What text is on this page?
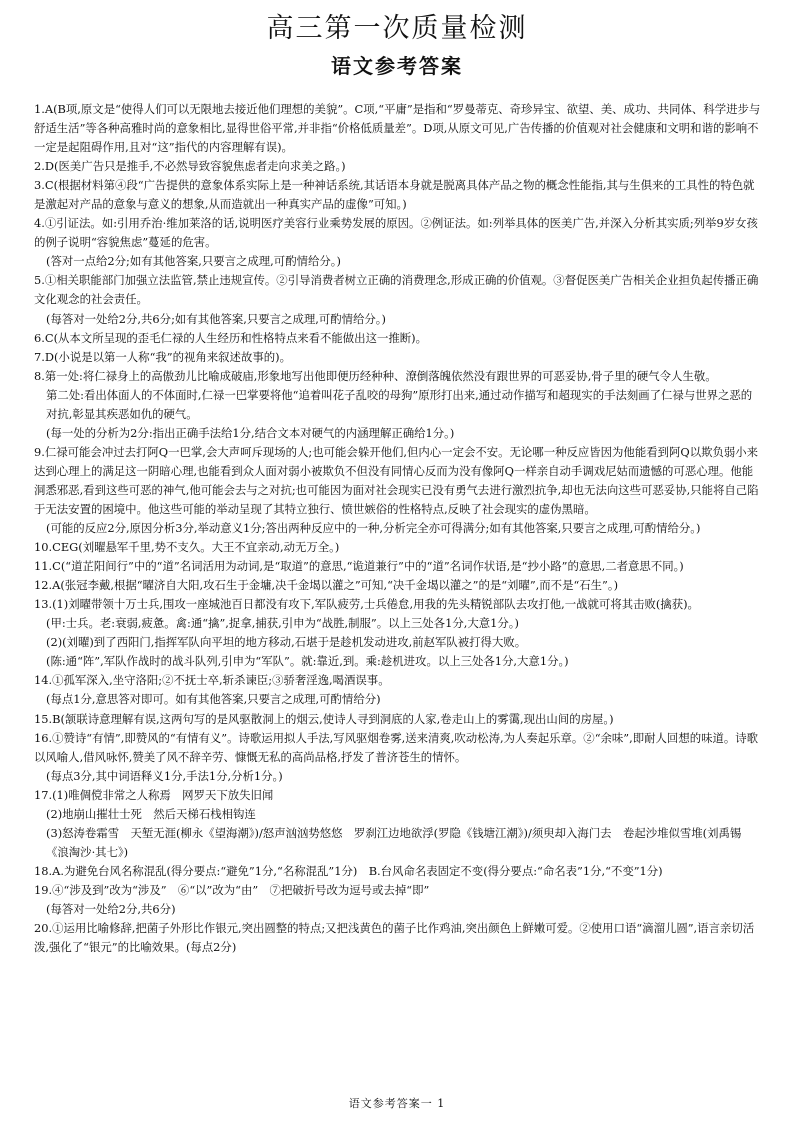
高三第一次质量检测
语文参考答案

1.A(B项,原文是“使得人们可以无限地去接近他们理想的美貌”。C项,“平庸”是指和“罗曼蒂克、奇珍异宝、欲望、美、成功、共同体、科学进步与舒适生活”等各种高雅时尚的意象相比,显得世俗平常,并非指“价格低质量差”。D项,从原文可见,广告传播的价值观对社会健康和文明和谐的影响不一定是起阻碍作用,且对“这”指代的内容理解有误)。

2.D(医美广告只是推手,不必然导致容貌焦虑者走向求美之路。)

3.C(根据材料第④段“广告提供的意象体系实际上是一种神话系统,其话语本身就是脱离具体产品之物的概念性能指,其与生俱来的工具性的特色就是激起对产品的意象与意义的想象,从而造就出一种真实产品的虚像”可知。)

4.①引证法。如:引用乔治·维加莱洛的话,说明医疗美容行业乘势发展的原因。②例证法。如:列举具体的医美广告,并深入分析其实质;列举9岁女孩的例子说明“容貌焦虑”蔓延的危害。

(答对一点给2分;如有其他答案,只要言之成理,可酌情给分。)

5.①相关职能部门加强立法监管,禁止违规宣传。②引导消费者树立正确的消费理念,形成正确的价值观。③督促医美广告相关企业担负起传播正确文化观念的社会责任。

(每答对一处给2分,共6分;如有其他答案,只要言之成理,可酌情给分。)

6.C(从本文所呈现的歪毛仁禄的人生经历和性格特点来看不能做出这一推断)。

7.D(小说是以第一人称“我”的视角来叙述故事的)。

8.第一处:将仁禄身上的高傲劲儿比喻成破庙,形象地写出他即便历经种种、潦倒落魄依然没有跟世界的可恶妥协,骨子里的硬气令人生敬。

第二处:看出体面人的不体面时,仁禄一巴掌要将他“追着叫花子乱咬的母狗”原形打出来,通过动作描写和超现实的手法刻画了仁禄与世界之恶的对抗,彰显其疾恶如仇的硬气。

(每一处的分析为2分:指出正确手法给1分,结合文本对硬气的内涵理解正确给1分。)

9.仁禄可能会冲过去打阿Q一巴掌,会大声呵斥现场的人;也可能会躲开他们,但内心一定会不安。无论哪一种反应皆因为他能看到阿Q以欺负弱小来达到心理上的满足这一阴暗心理,也能看到众人面对弱小被欺负不但没有同情心反而为没有像阿Q一样亲自动手调戏尼姑而遗憾的可恶心理。他能洞悉邪恶,看到这些可恶的神气,他可能会去与之对抗;也可能因为面对社会现实已没有勇气去进行激烈抗争,却也无法向这些可恶妥协,只能将自己陷于无法安置的困境中。他这些可能的举动呈现了其特立独行、愤世嫉俗的性格特点,反映了社会现实的虚伪黑暗。

(可能的反应2分,原因分析3分,举动意义1分;答出两种反应中的一种,分析完全亦可得满分;如有其他答案,只要言之成理,可酌情给分。)

10.CEG(刘曜悬军千里,势不支久。大王不宜亲动,动无万全。)

11.C(“道芷阳间行”中的“道”名词活用为动词,是“取道”的意思,“诡道兼行”中的“道”名词作状语,是“抄小路”的意思,二者意思不同。)

12.A(张冠李戴,根据“曜济自大阳,攻石生于金墉,决千金堨以灌之”可知,“决千金堨以灌之”的是“刘曜”,而不是“石生”。)

13.(1)刘曜带领十万士兵,围攻一座城池百日都没有攻下,军队疲劳,士兵倦怠,用我的先头精锐部队去攻打他,一战就可将其击败(擒获)。

(甲:士兵。老:衰弱,疲惫。禽:通“擒”,捉拿,捕获,引申为“战胜,制服”。以上三处各1分,大意1分。)

(2)(刘曜)到了西阳门,指挥军队向平坦的地方移动,石堪于是趁机发动进攻,前赵军队被打得大败。

(陈:通“阵”,军队作战时的战斗队列,引申为“军队”。就:靠近,到。乘:趁机进攻。以上三处各1分,大意1分。)

14.①孤军深入,坐守洛阳;②不抚士卒,斩杀谏臣;③骄奢淫逸,喝酒误事。

(每点1分,意思答对即可。如有其他答案,只要言之成理,可酌情给分)

15.B(颔联诗意理解有误,这两句写的是风驱散洞上的烟云,使诗人寻到洞底的人家,卷走山上的雾霭,现出山间的房屋。)

16.①赞诗“有情”,即赞风的“有情有义”。诗歌运用拟人手法,写风驱烟卷雾,送来清爽,吹动松涛,为人奏起乐章。②“余味”,即耐人回想的味道。诗歌以风喻人,借风咏怀,赞美了风不辞辛劳、慷慨无私的高尚品格,抒发了普济苍生的情怀。

(每点3分,其中词语释义1分,手法1分,分析1分。)

17.(1)唯倜傥非常之人称焉　网罗天下放失旧闻

(2)地崩山摧壮士死　然后天梯石栈相钩连

(3)怒涛卷霜雪　天堑无涯(柳永《望海潮》)/怒声汹汹势悠悠　罗刹江边地欲浮(罗隐《钱塘江潮》)/须臾却入海门去　卷起沙堆似雪堆(刘禹锡《浪淘沙·其七》)

18.A.为避免台风名称混乱(得分要点:“避免”1分,“名称混乱”1分)　B.台风命名表固定不变(得分要点:“命名表”1分,“不变”1分)

19.④“涉及到”改为“涉及”　⑥“以”改为“由”　⑦把破折号改为逗号或去掉“即”

(每答对一处给2分,共6分)

20.①运用比喻修辞,把菌子外形比作银元,突出圆整的特点;又把浅黄色的菌子比作鸡油,突出颜色上鲜嫩可爱。②使用口语“滴溜儿圆”,语言亲切活泼,强化了“银元”的比喻效果。(每点2分)

语文参考答案一 1
